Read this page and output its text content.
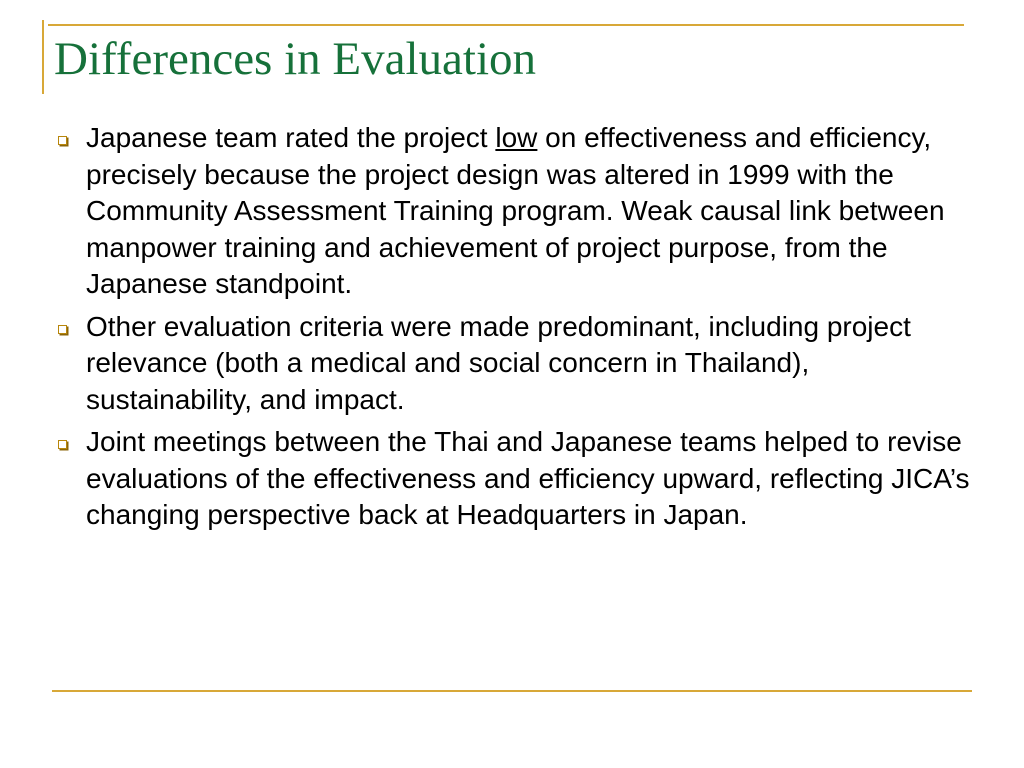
Differences in Evaluation
Japanese team rated the project low on effectiveness and efficiency, precisely because the project design was altered in 1999 with the Community Assessment Training program. Weak causal link between manpower training and achievement of project purpose, from the Japanese standpoint.
Other evaluation criteria were made predominant, including project relevance (both a medical and social concern in Thailand), sustainability, and impact.
Joint meetings between the Thai and Japanese teams helped to revise evaluations of the effectiveness and efficiency upward, reflecting JICA’s changing perspective back at Headquarters in Japan.
